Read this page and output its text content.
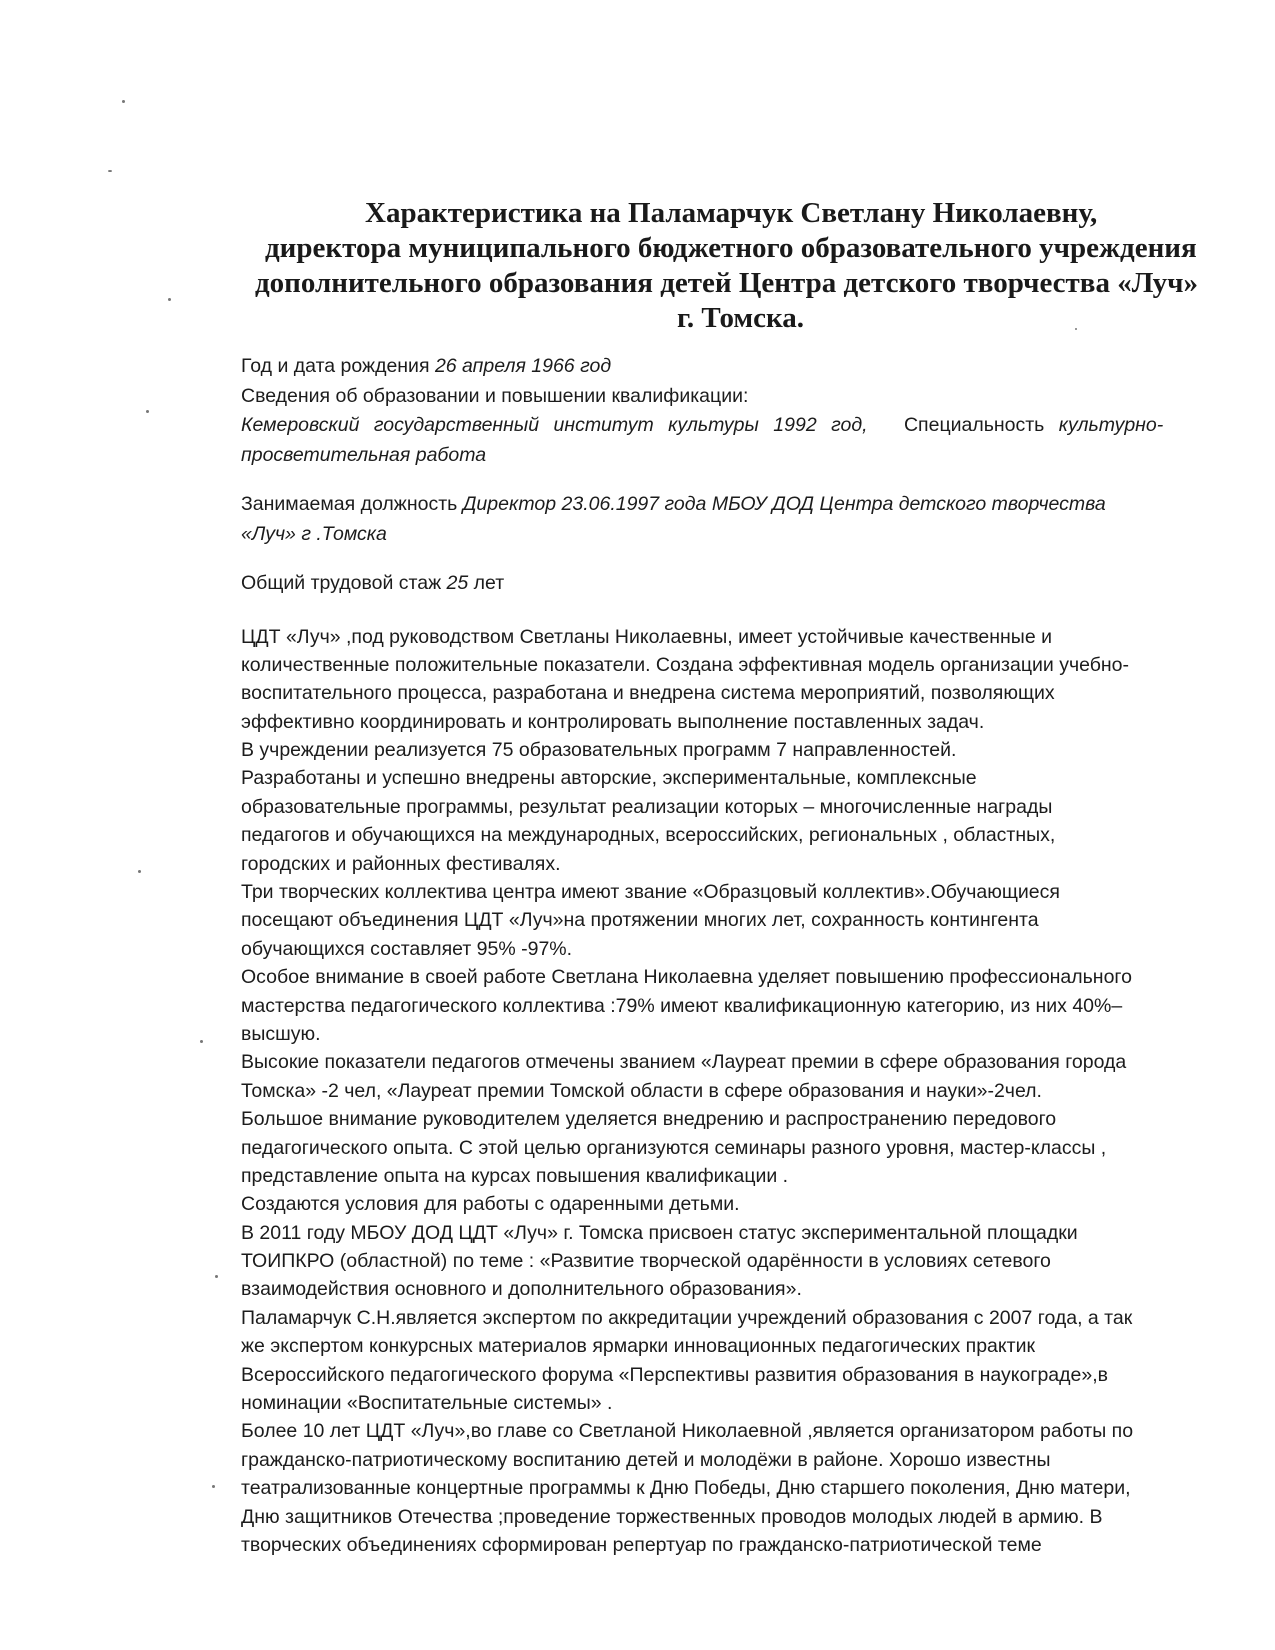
Характеристика на Паламарчук Светлану Николаевну,
директора муниципального бюджетного образовательного учреждения
дополнительного образования детей Центра детского творчества «Луч»
г. Томска.
Год и дата рождения 26 апреля 1966 год
Сведения об образовании и повышении квалификации:
Кемеровский государственный институт культуры 1992 год, Специальность культурно-
просветительная работа
Занимаемая должность Директор 23.06.1997 года МБОУ ДОД Центра детского творчества
«Луч» г .Томска
Общий трудовой стаж 25 лет
ЦДТ «Луч» ,под руководством Светланы Николаевны, имеет устойчивые качественные и
количественные положительные показатели. Создана эффективная модель организации учебно-
воспитательного процесса, разработана и внедрена система мероприятий, позволяющих
эффективно координировать и контролировать выполнение поставленных задач.
В учреждении реализуется 75 образовательных программ 7 направленностей.
Разработаны и успешно внедрены авторские, экспериментальные, комплексные
образовательные программы, результат реализации которых – многочисленные награды
педагогов и обучающихся на международных, всероссийских, региональных , областных,
городских и районных фестивалях.
Три творческих коллектива центра имеют звание «Образцовый коллектив».Обучающиеся
посещают объединения ЦДТ «Луч»на протяжении многих лет, сохранность контингента
обучающихся составляет 95% -97%.
Особое внимание в своей работе Светлана Николаевна уделяет повышению профессионального
мастерства педагогического коллектива :79% имеют квалификационную категорию, из них 40%–
высшую.
Высокие показатели педагогов отмечены званием «Лауреат премии в сфере образования города
Томска» -2 чел, «Лауреат премии Томской области в сфере образования и науки»-2чел.
Большое внимание руководителем уделяется внедрению и распространению передового
педагогического опыта. С этой целью организуются семинары разного уровня, мастер-классы ,
представление опыта на курсах повышения квалификации .
Создаются условия для работы с одаренными детьми.
В 2011 году МБОУ ДОД ЦДТ «Луч» г. Томска присвоен статус экспериментальной площадки
ТОИПКРО (областной) по теме : «Развитие творческой одарённости в условиях сетевого
взаимодействия основного и дополнительного образования».
Паламарчук С.Н.является экспертом по аккредитации учреждений образования с 2007 года, а так
же экспертом конкурсных материалов ярмарки инновационных педагогических практик
Всероссийского педагогического форума «Перспективы развития образования в наукограде»,в
номинации «Воспитательные системы» .
Более 10 лет ЦДТ «Луч»,во главе со Светланой Николаевной ,является организатором работы по
гражданско-патриотическому воспитанию детей и молодёжи в районе. Хорошо известны
театрализованные концертные программы к Дню Победы, Дню старшего поколения, Дню матери,
Дню защитников Отечества ;проведение торжественных проводов молодых людей в армию. В
творческих объединениях сформирован репертуар по гражданско-патриотической теме
